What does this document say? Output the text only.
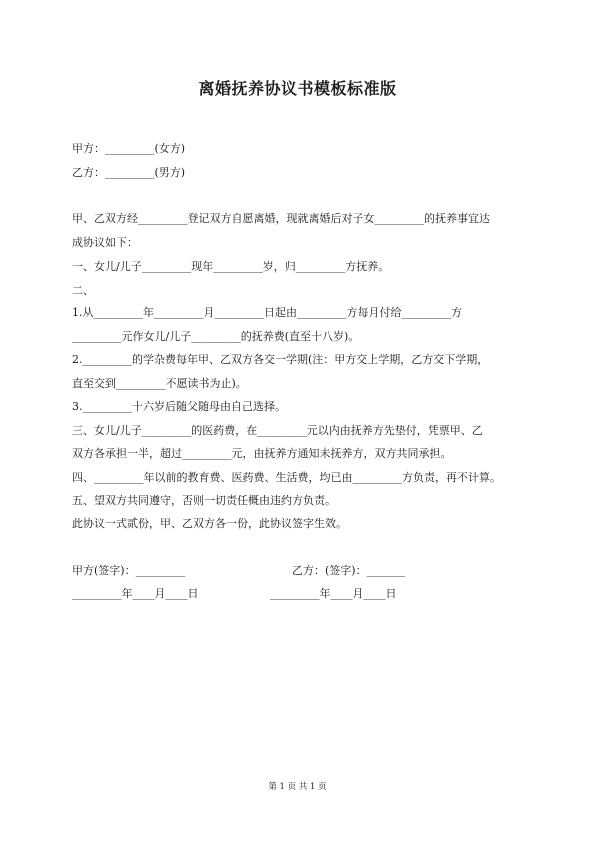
离婚抚养协议书模板标准版
甲方：_________(女方)
乙方：_________(男方)
甲、乙双方经_________登记双方自愿离婚，现就离婚后对子女_________的抚养事宜达
成协议如下：
一、女儿/儿子_________现年_________岁，归_________方抚养。
二、
1.从_________年_________月_________日起由_________方每月付给_________方
_________元作女儿/儿子_________的抚养费(直至十八岁)。
2._________的学杂费每年甲、乙双方各交一学期(注：甲方交上学期，乙方交下学期，
直至交到_________不愿读书为止)。
3._________十六岁后随父随母由自己选择。
三、女儿/儿子_________的医药费，在_________元以内由抚养方先垫付，凭票甲、乙
双方各承担一半，超过_________元，由抚养方通知未抚养方，双方共同承担。
四、_________年以前的教育费、医药费、生活费，均已由_________方负责，再不计算。
五、望双方共同遵守，否则一切责任概由违约方负责。
此协议一式贰份，甲、乙双方各一份，此协议签字生效。
甲方(签字)：_________	乙方：(签字)：_______
_________年____月____日	_________年____月____日
第 1 页 共 1 页
